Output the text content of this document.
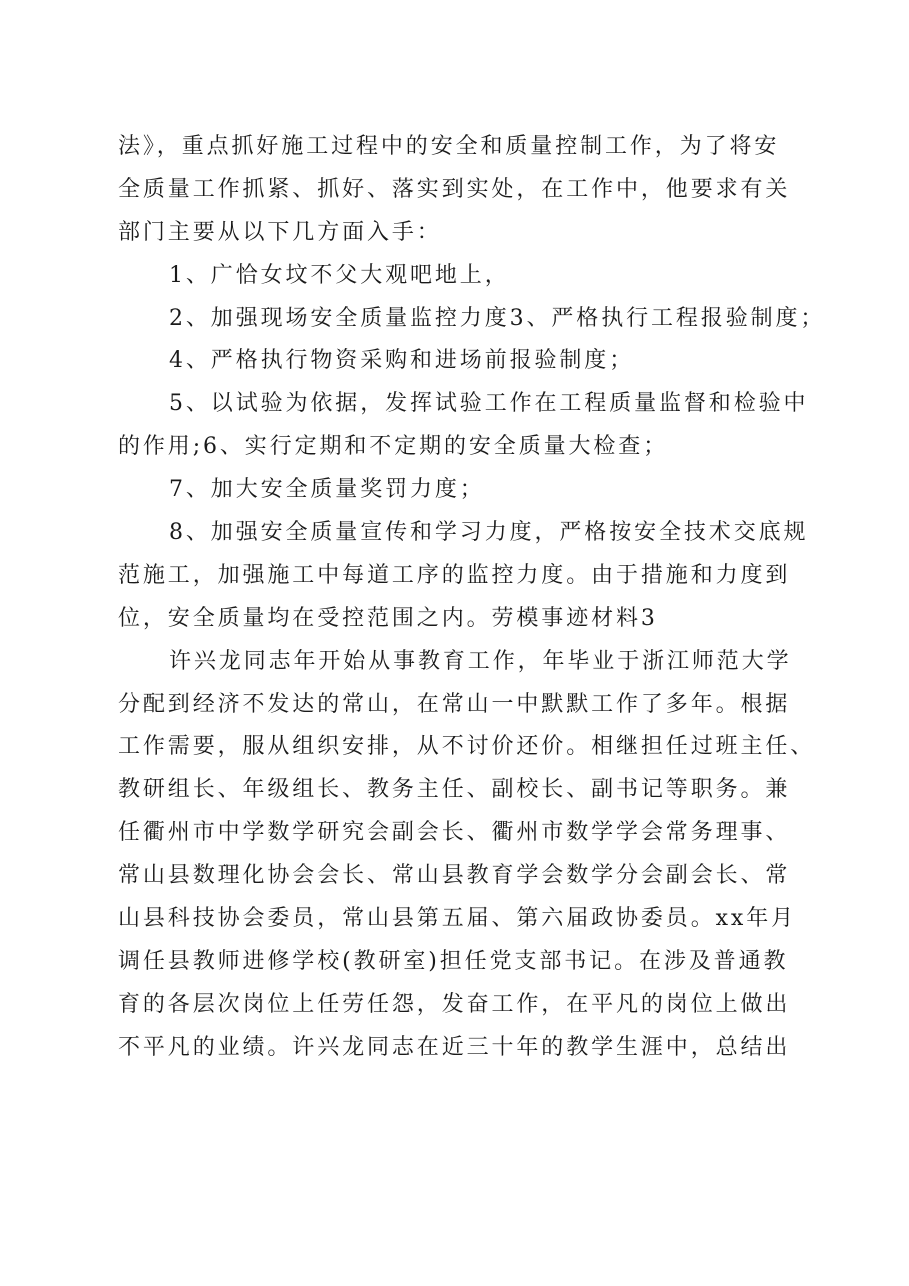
法》，重点抓好施工过程中的安全和质量控制工作，为了将安
全质量工作抓紧、抓好、落实到实处，在工作中，他要求有关
部门主要从以下几方面入手：
1、广恰女坟不父大观吧地上，
2、加强现场安全质量监控力度3、严格执行工程报验制度；
4、严格执行物资采购和进场前报验制度；
5、以试验为依据，发挥试验工作在工程质量监督和检验中
的作用;6、实行定期和不定期的安全质量大检查；
7、加大安全质量奖罚力度；
8、加强安全质量宣传和学习力度，严格按安全技术交底规
范施工，加强施工中每道工序的监控力度。由于措施和力度到
位，安全质量均在受控范围之内。劳模事迹材料3
许兴龙同志年开始从事教育工作，年毕业于浙江师范大学
分配到经济不发达的常山，在常山一中默默工作了多年。根据
工作需要，服从组织安排，从不讨价还价。相继担任过班主任、
教研组长、年级组长、教务主任、副校长、副书记等职务。兼
任衢州市中学数学研究会副会长、衢州市数学学会常务理事、
常山县数理化协会会长、常山县教育学会数学分会副会长、常
山县科技协会委员，常山县第五届、第六届政协委员。xx年月
调任县教师进修学校(教研室)担任党支部书记。在涉及普通教
育的各层次岗位上任劳任怨，发奋工作，在平凡的岗位上做出
不平凡的业绩。许兴龙同志在近三十年的教学生涯中，总结出
